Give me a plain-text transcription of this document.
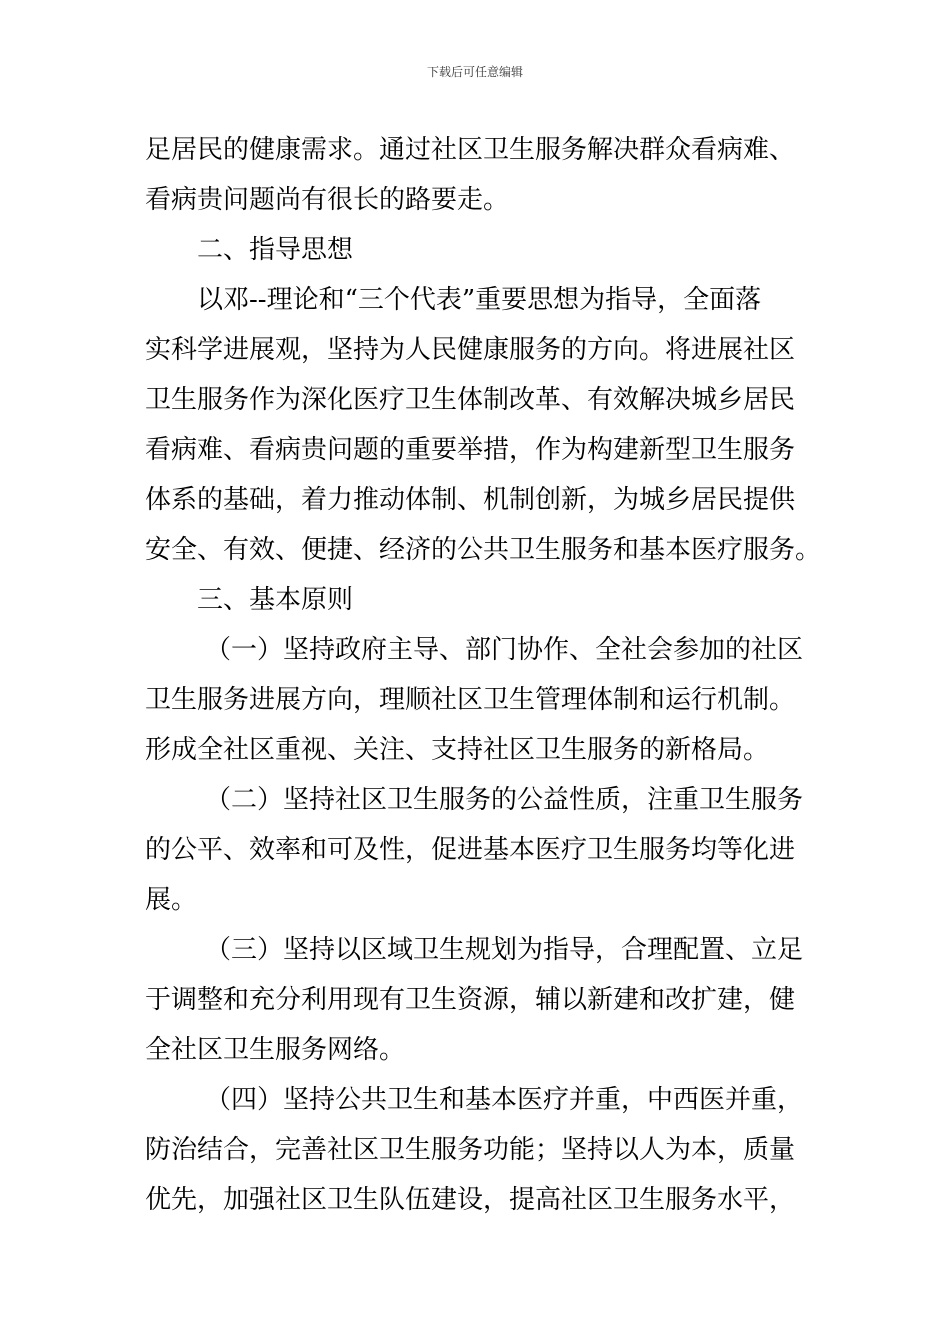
下载后可任意编辑
足居民的健康需求。通过社区卫生服务解决群众看病难、
看病贵问题尚有很长的路要走。
二、指导思想
以邓--理论和“三个代表”重要思想为指导，全面落
实科学进展观，坚持为人民健康服务的方向。将进展社区
卫生服务作为深化医疗卫生体制改革、有效解决城乡居民
看病难、看病贵问题的重要举措，作为构建新型卫生服务
体系的基础，着力推动体制、机制创新，为城乡居民提供
安全、有效、便捷、经济的公共卫生服务和基本医疗服务。
三、基本原则
（一）坚持政府主导、部门协作、全社会参加的社区
卫生服务进展方向，理顺社区卫生管理体制和运行机制。
形成全社区重视、关注、支持社区卫生服务的新格局。
（二）坚持社区卫生服务的公益性质，注重卫生服务
的公平、效率和可及性，促进基本医疗卫生服务均等化进
展。
（三）坚持以区域卫生规划为指导，合理配置、立足
于调整和充分利用现有卫生资源，辅以新建和改扩建，健
全社区卫生服务网络。
（四）坚持公共卫生和基本医疗并重，中西医并重，
防治结合，完善社区卫生服务功能；坚持以人为本，质量
优先，加强社区卫生队伍建设，提高社区卫生服务水平，
